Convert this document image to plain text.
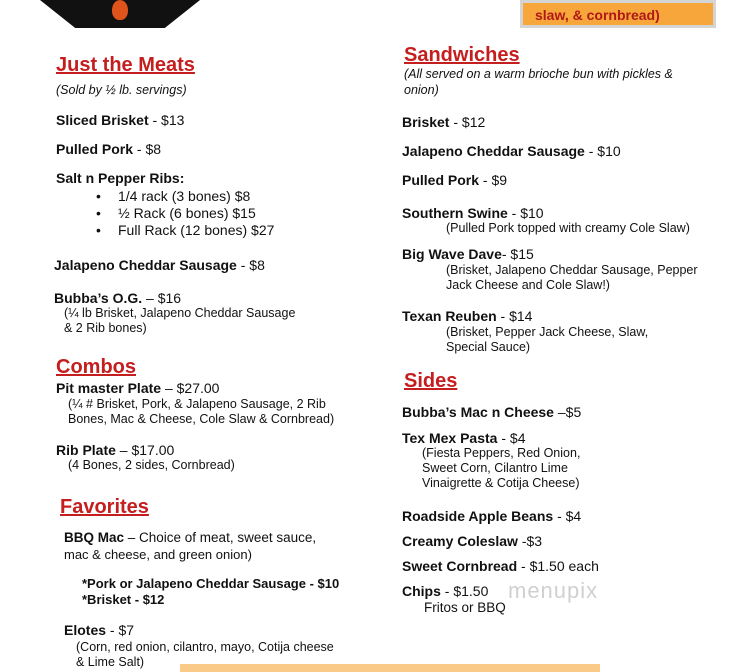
slaw, & cornbread)
Just the Meats
(Sold by ½ lb. servings)
Sliced Brisket - $13
Pulled Pork - $8
Salt n Pepper Ribs:
• 1/4 rack (3 bones) $8
• ½ Rack (6 bones) $15
• Full Rack (12 bones) $27
Jalapeno Cheddar Sausage - $8
Bubba’s O.G. – $16
(¼ lb Brisket, Jalapeno Cheddar Sausage
& 2 Rib bones)
Combos
Pit master Plate – $27.00
(¼ # Brisket, Pork, & Jalapeno Sausage, 2 Rib
Bones, Mac & Cheese, Cole Slaw & Cornbread)
Rib Plate – $17.00
(4 Bones, 2 sides, Cornbread)
Favorites
BBQ Mac – Choice of meat, sweet sauce,
mac & cheese, and green onion)
*Pork or Jalapeno Cheddar Sausage - $10
*Brisket - $12
Elotes - $7
(Corn, red onion, cilantro, mayo, Cotija cheese
& Lime Salt)
Sandwiches
(All served on a warm brioche bun with pickles &
onion)
Brisket - $12
Jalapeno Cheddar Sausage - $10
Pulled Pork - $9
Southern Swine - $10
(Pulled Pork topped with creamy Cole Slaw)
Big Wave Dave- $15
(Brisket, Jalapeno Cheddar Sausage, Pepper
Jack Cheese and Cole Slaw!)
Texan Reuben - $14
(Brisket, Pepper Jack Cheese, Slaw,
Special Sauce)
Sides
Bubba’s Mac n Cheese –$5
Tex Mex Pasta - $4
(Fiesta Peppers, Red Onion,
Sweet Corn, Cilantro Lime
Vinaigrette & Cotija Cheese)
Roadside Apple Beans - $4
Creamy Coleslaw -$3
Sweet Cornbread - $1.50 each
Chips - $1.50
Fritos or BBQ
menupix
